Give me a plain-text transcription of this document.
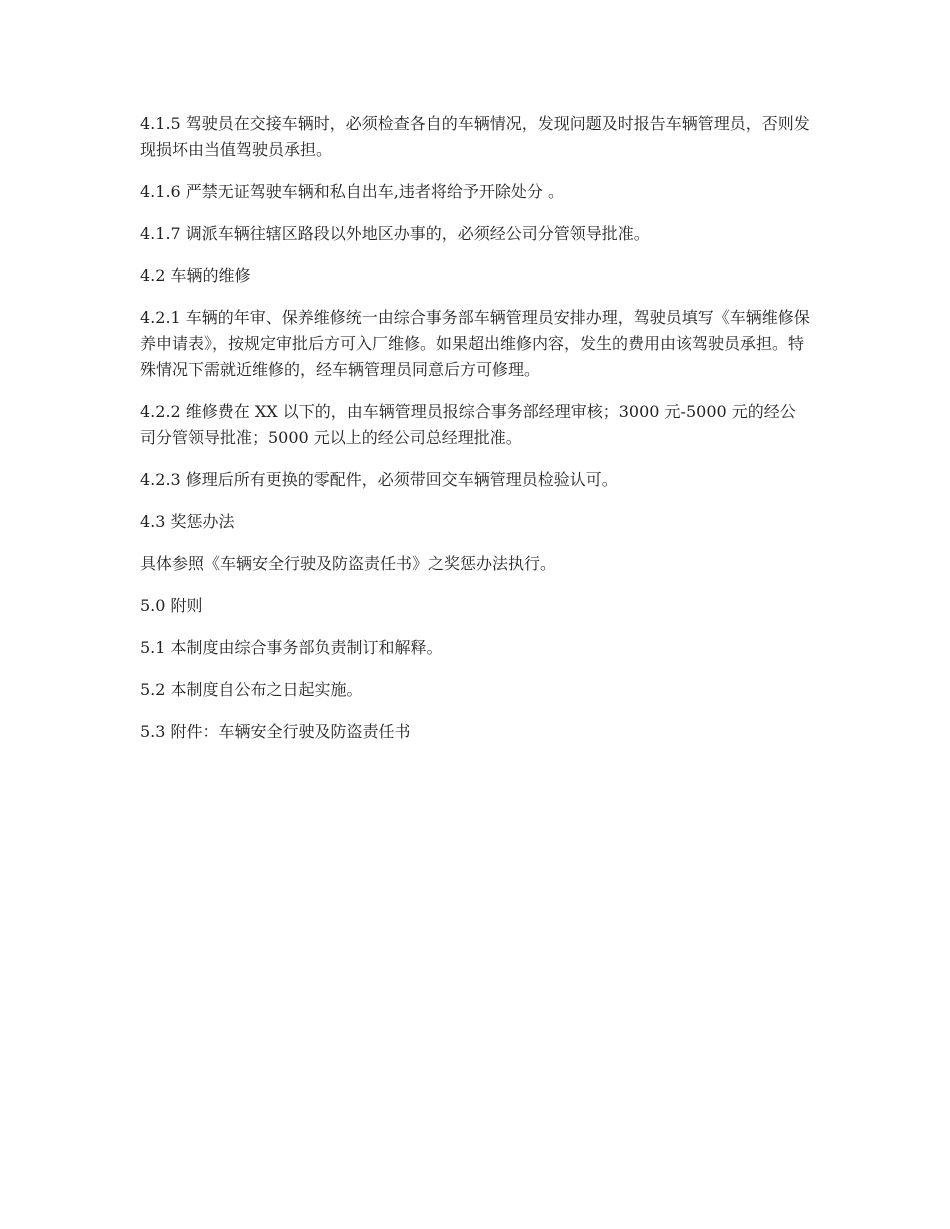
4.1.5 驾驶员在交接车辆时，必须检查各自的车辆情况，发现问题及时报告车辆管理员，否则发现损坏由当值驾驶员承担。

4.1.6 严禁无证驾驶车辆和私自出车,违者将给予开除处分 。

4.1.7 调派车辆往辖区路段以外地区办事的，必须经公司分管领导批准。

4.2 车辆的维修

4.2.1 车辆的年审、保养维修统一由综合事务部车辆管理员安排办理，驾驶员填写《车辆维修保养申请表》，按规定审批后方可入厂维修。如果超出维修内容，发生的费用由该驾驶员承担。特殊情况下需就近维修的，经车辆管理员同意后方可修理。

4.2.2 维修费在 XX 以下的，由车辆管理员报综合事务部经理审核；3000 元-5000 元的经公司分管领导批准；5000 元以上的经公司总经理批准。

4.2.3 修理后所有更换的零配件，必须带回交车辆管理员检验认可。

4.3 奖惩办法

具体参照《车辆安全行驶及防盗责任书》之奖惩办法执行。

5.0 附则

5.1 本制度由综合事务部负责制订和解释。

5.2 本制度自公布之日起实施。

5.3 附件：车辆安全行驶及防盗责任书
